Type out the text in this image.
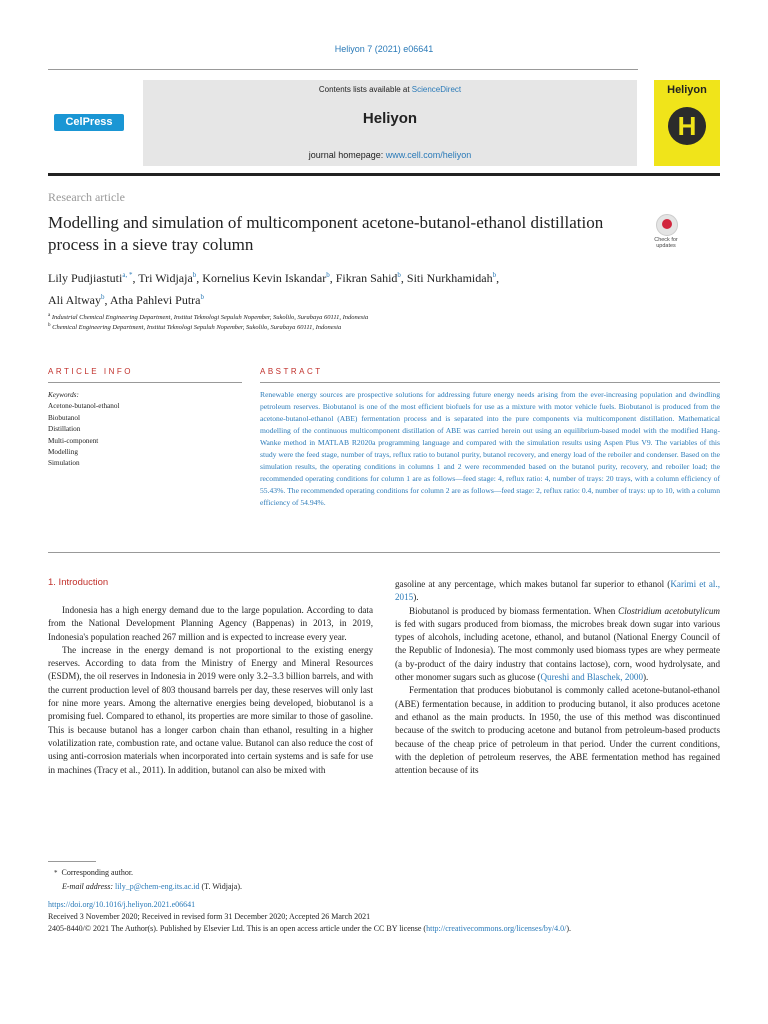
Heliyon 7 (2021) e06641
CelPress
Contents lists available at ScienceDirect
Heliyon
journal homepage: www.cell.com/heliyon
Heliyon
H
Research article
Modelling and simulation of multicomponent acetone-butanol-ethanol distillation process in a sieve tray column	Check for updates
Lily Pudjiastuti$^{a, *}$, Tri Widjaja$^b$, Kornelius Kevin Iskandar$^b$, Fikran Sahid$^b$, Siti Nurkhamidah$^b$,
Ali Altway$^b$, Atha Pahlevi Putra$^b$
$^a$ Industrial Chemical Engineering Department, Institut Teknologi Sepuluh Nopember, Sukolilo, Surabaya 60111, Indonesia
$^b$ Chemical Engineering Department, Institut Teknologi Sepuluh Nopember, Sukolilo, Surabaya 60111, Indonesia
ARTICLE INFO	ABSTRACT
Keywords:
Acetone-butanol-ethanol
Biobutanol
Distillation
Multi-component
Modelling
Simulation
Renewable energy sources are prospective solutions for addressing future energy needs arising from the ever-increasing population and dwindling petroleum reserves. Biobutanol is one of the most efficient biofuels for use as a mixture with motor vehicle fuels. Biobutanol is produced from the acetone-butanol-ethanol (ABE) fermentation process and is separated into the pure components via multicomponent distillation. Mathematical modelling of the continuous multicomponent distillation of ABE was carried herein out using an equilibrium-based model with the modified Hang-Wanke method in MATLAB R2020a programming language and compared with the simulation results using Aspen Plus V9. The variables of this study were the feed stage, number of trays, reflux ratio to butanol purity, butanol recovery, and energy load of the reboiler and condenser. Based on the simulation results, the operating conditions in columns 1 and 2 were recommended based on the butanol purity, recovery, and reboiler load; the recommended operating conditions for column 1 are as follows—feed stage: 4, reflux ratio: 4, number of trays: 20 trays, with a column efficiency of 55.43%. The recommended operating conditions for column 2 are as follows—feed stage: 2, reflux ratio: 0.4, number of trays: up to 10, with a column efficiency of 54.94%.
1. Introduction

Indonesia has a high energy demand due to the large population. According to data from the National Development Planning Agency (Bappenas) in 2013, in 2019, Indonesia's population reached 267 million and is expected to increase every year.

The increase in the energy demand is not proportional to the existing energy reserves. According to data from the Ministry of Energy and Mineral Resources (ESDM), the oil reserves in Indonesia in 2019 were only 3.2–3.3 billion barrels, and with the current production level of 803 thousand barrels per day, these reserves will only last for nine more years. Among the alternative energies being developed, biobutanol is a promising fuel. Compared to ethanol, its properties are more similar to those of gasoline. This is because butanol has a longer carbon chain than ethanol, resulting in a higher volatilization rate, combustion rate, and octane value. Butanol can also reduce the cost of using anti-corrosion materials when incorporated into certain systems and is safe for use in machines (Tracy et al., 2011). In addition, butanol can also be mixed with

gasoline at any percentage, which makes butanol far superior to ethanol (Karimi et al., 2015).

Biobutanol is produced by biomass fermentation. When Clostridium acetobutylicum is fed with sugars produced from biomass, the microbes break down sugar into various types of alcohols, including acetone, ethanol, and butanol (National Energy Council of the Republic of Indonesia). The most commonly used biomass types are whey permeate (a by-product of the dairy industry that contains lactose), corn, wood hydrolysate, and other monomer sugars such as glucose (Qureshi and Blaschek, 2000).

Fermentation that produces biobutanol is commonly called acetone-butanol-ethanol (ABE) fermentation because, in addition to producing butanol, it also produces acetone and ethanol as the main products. In 1950, the use of this method was discontinued because of the switch to producing acetone and butanol from petroleum-based products because of the cheap price of petroleum in that period. Under the current conditions, with the depletion of petroleum reserves, the ABE fermentation method has regained attention because of its

* Corresponding author.
E-mail address: lily_p@chem-eng.its.ac.id (T. Widjaja).
https://doi.org/10.1016/j.heliyon.2021.e06641
Received 3 November 2020; Received in revised form 31 December 2020; Accepted 26 March 2021
2405-8440/© 2021 The Author(s). Published by Elsevier Ltd. This is an open access article under the CC BY license (http://creativecommons.org/licenses/by/4.0/).
